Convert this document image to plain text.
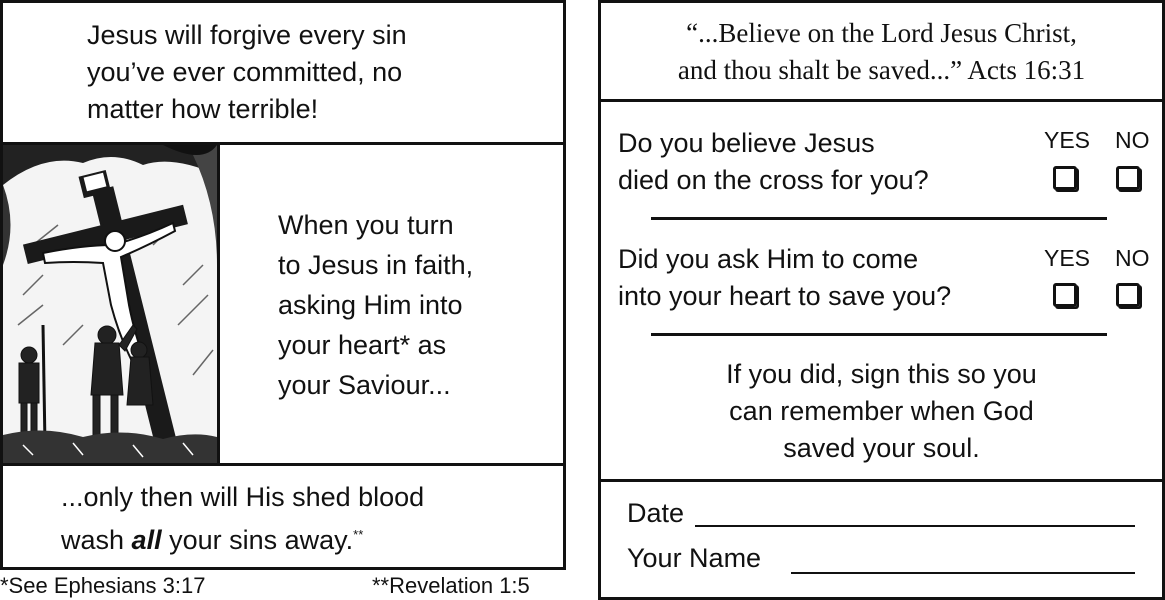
Jesus will forgive every sin
you’ve ever committed, no
matter how terrible!
When you turn
to Jesus in faith,
asking Him into
your heart* as
your Saviour...
...only then will His shed blood
wash all your sins away.**
*See Ephesians 3:17	**Revelation 1:5
“...Believe on the Lord Jesus Christ,
and thou shalt be saved...” Acts 16:31
Do you believe Jesus
died on the cross for you?
YES NO
Did you ask Him to come
into your heart to save you?
YES NO
If you did, sign this so you
can remember when God
saved your soul.
Date
Your Name
